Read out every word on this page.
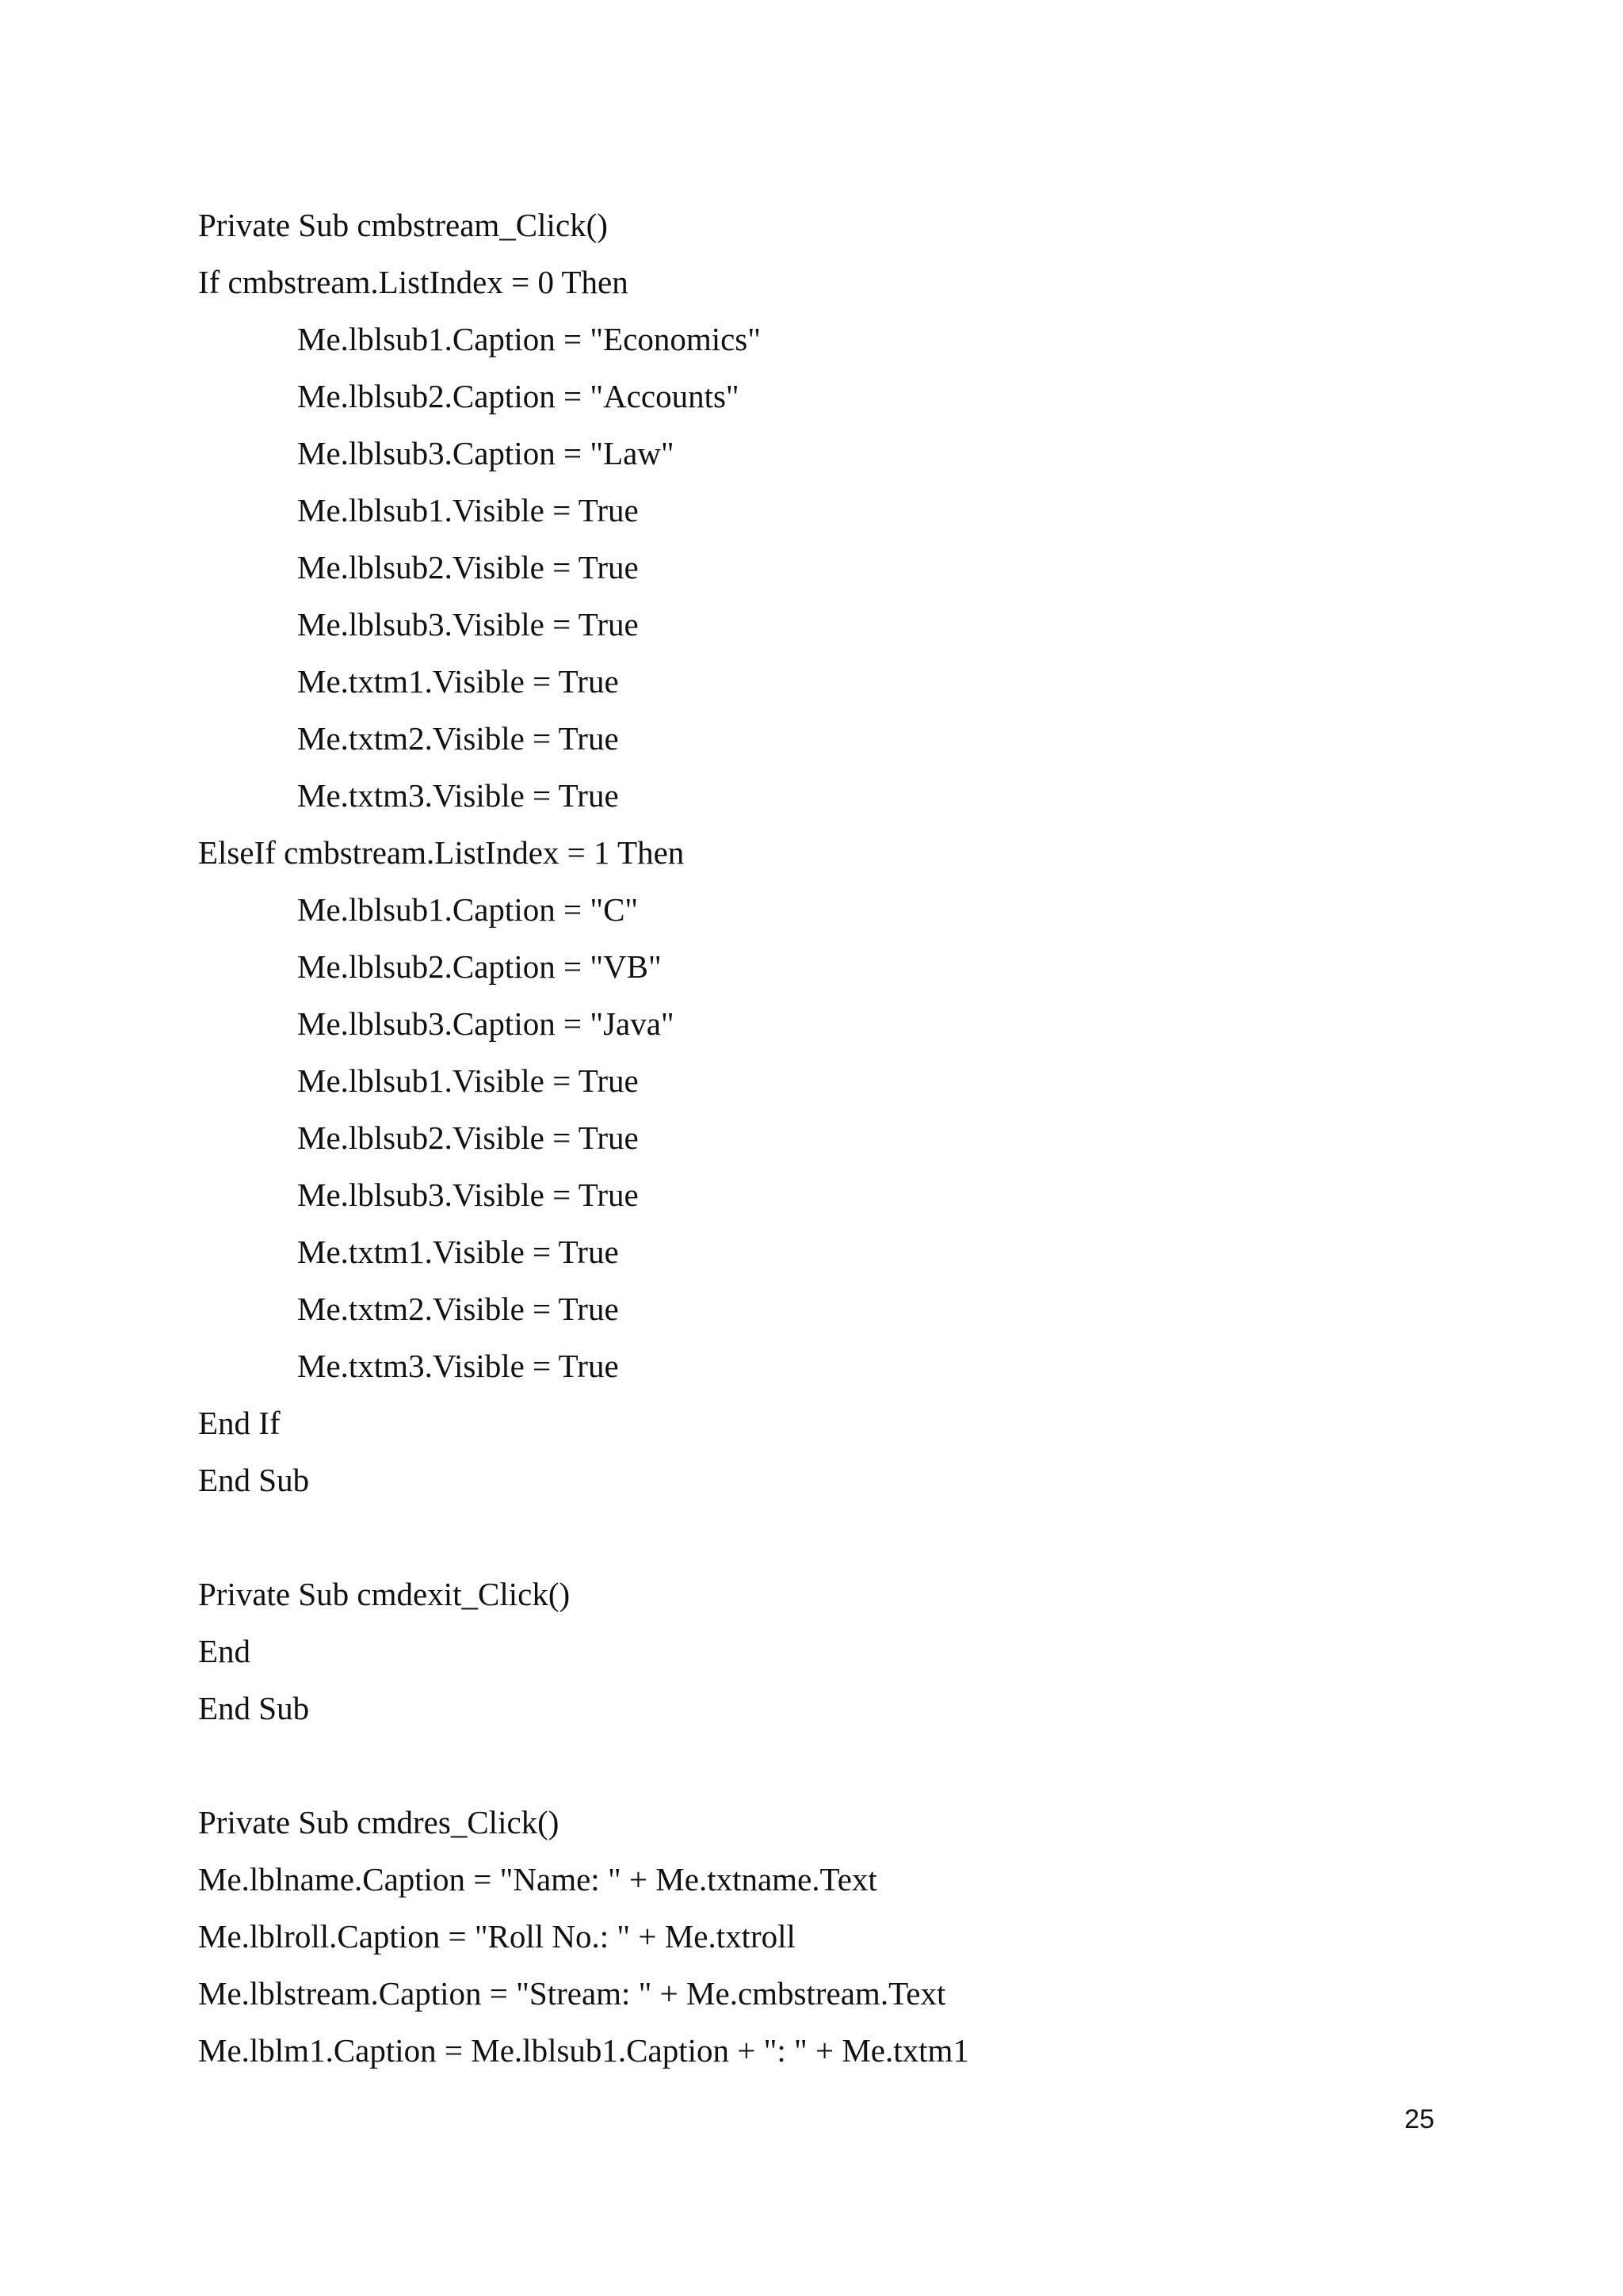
Private Sub cmbstream_Click()
If cmbstream.ListIndex = 0 Then
Me.lblsub1.Caption = "Economics"
Me.lblsub2.Caption = "Accounts"
Me.lblsub3.Caption = "Law"
Me.lblsub1.Visible = True
Me.lblsub2.Visible = True
Me.lblsub3.Visible = True
Me.txtm1.Visible = True
Me.txtm2.Visible = True
Me.txtm3.Visible = True
ElseIf cmbstream.ListIndex = 1 Then
Me.lblsub1.Caption = "C"
Me.lblsub2.Caption = "VB"
Me.lblsub3.Caption = "Java"
Me.lblsub1.Visible = True
Me.lblsub2.Visible = True
Me.lblsub3.Visible = True
Me.txtm1.Visible = True
Me.txtm2.Visible = True
Me.txtm3.Visible = True
End If
End Sub
Private Sub cmdexit_Click()
End
End Sub
Private Sub cmdres_Click()
Me.lblname.Caption = "Name: " + Me.txtname.Text
Me.lblroll.Caption = "Roll No.: " + Me.txtroll
Me.lblstream.Caption = "Stream: " + Me.cmbstream.Text
Me.lblm1.Caption = Me.lblsub1.Caption + ": " + Me.txtm1
25
